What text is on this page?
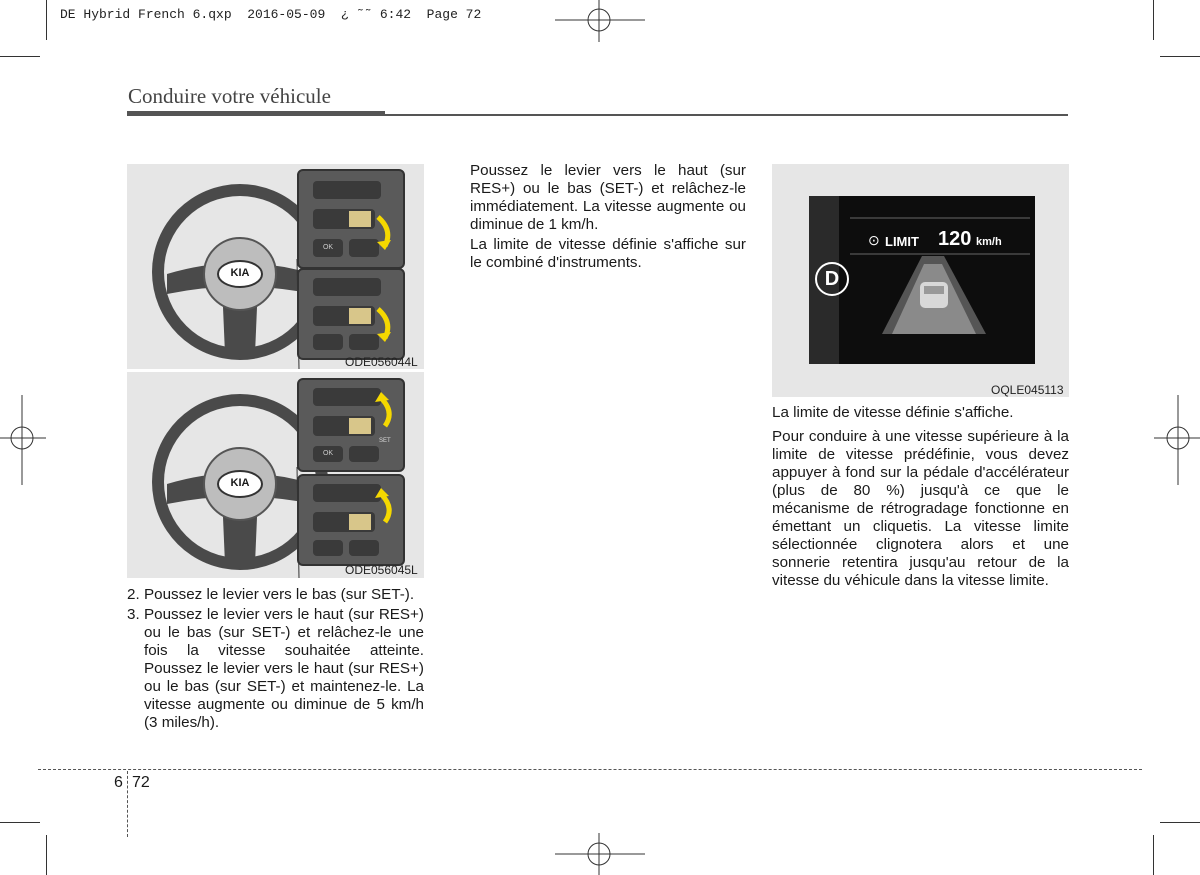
DE Hybrid French 6.qxp  2016-05-09  ¿ ˜˜ 6:42  Page 72
Conduire votre véhicule
KIA
OK
ODE056044L
KIA
SET
OK
ODE056045L
2. Poussez le levier vers le bas (sur SET-).
3. Poussez le levier vers le haut (sur RES+) ou le bas (sur SET-) et relâchez-le une fois la vitesse souhaitée atteinte. Poussez le levier vers le haut (sur RES+) ou le bas (sur SET-) et maintenez-le. La vitesse augmente ou diminue de 5 km/h (3 miles/h).
Poussez le levier vers le haut (sur RES+) ou le bas (SET-) et relâchez-le immédiatement. La vitesse augmente ou diminue de 1 km/h.
La limite de vitesse définie s'affiche sur le combiné d'instruments.
D
⊙ LIMIT 120 km/h
OQLE045113
La limite de vitesse définie s'affiche.
Pour conduire à une vitesse supérieure à la limite de vitesse prédéfinie, vous devez appuyer à fond sur la pédale d'accélérateur (plus de 80 %) jusqu'à ce que le mécanisme de rétrogradage fonctionne en émettant un cliquetis. La vitesse limite sélectionnée clignotera alors et une sonnerie retentira jusqu'au retour de la vitesse du véhicule dans la vitesse limite.
6 72
